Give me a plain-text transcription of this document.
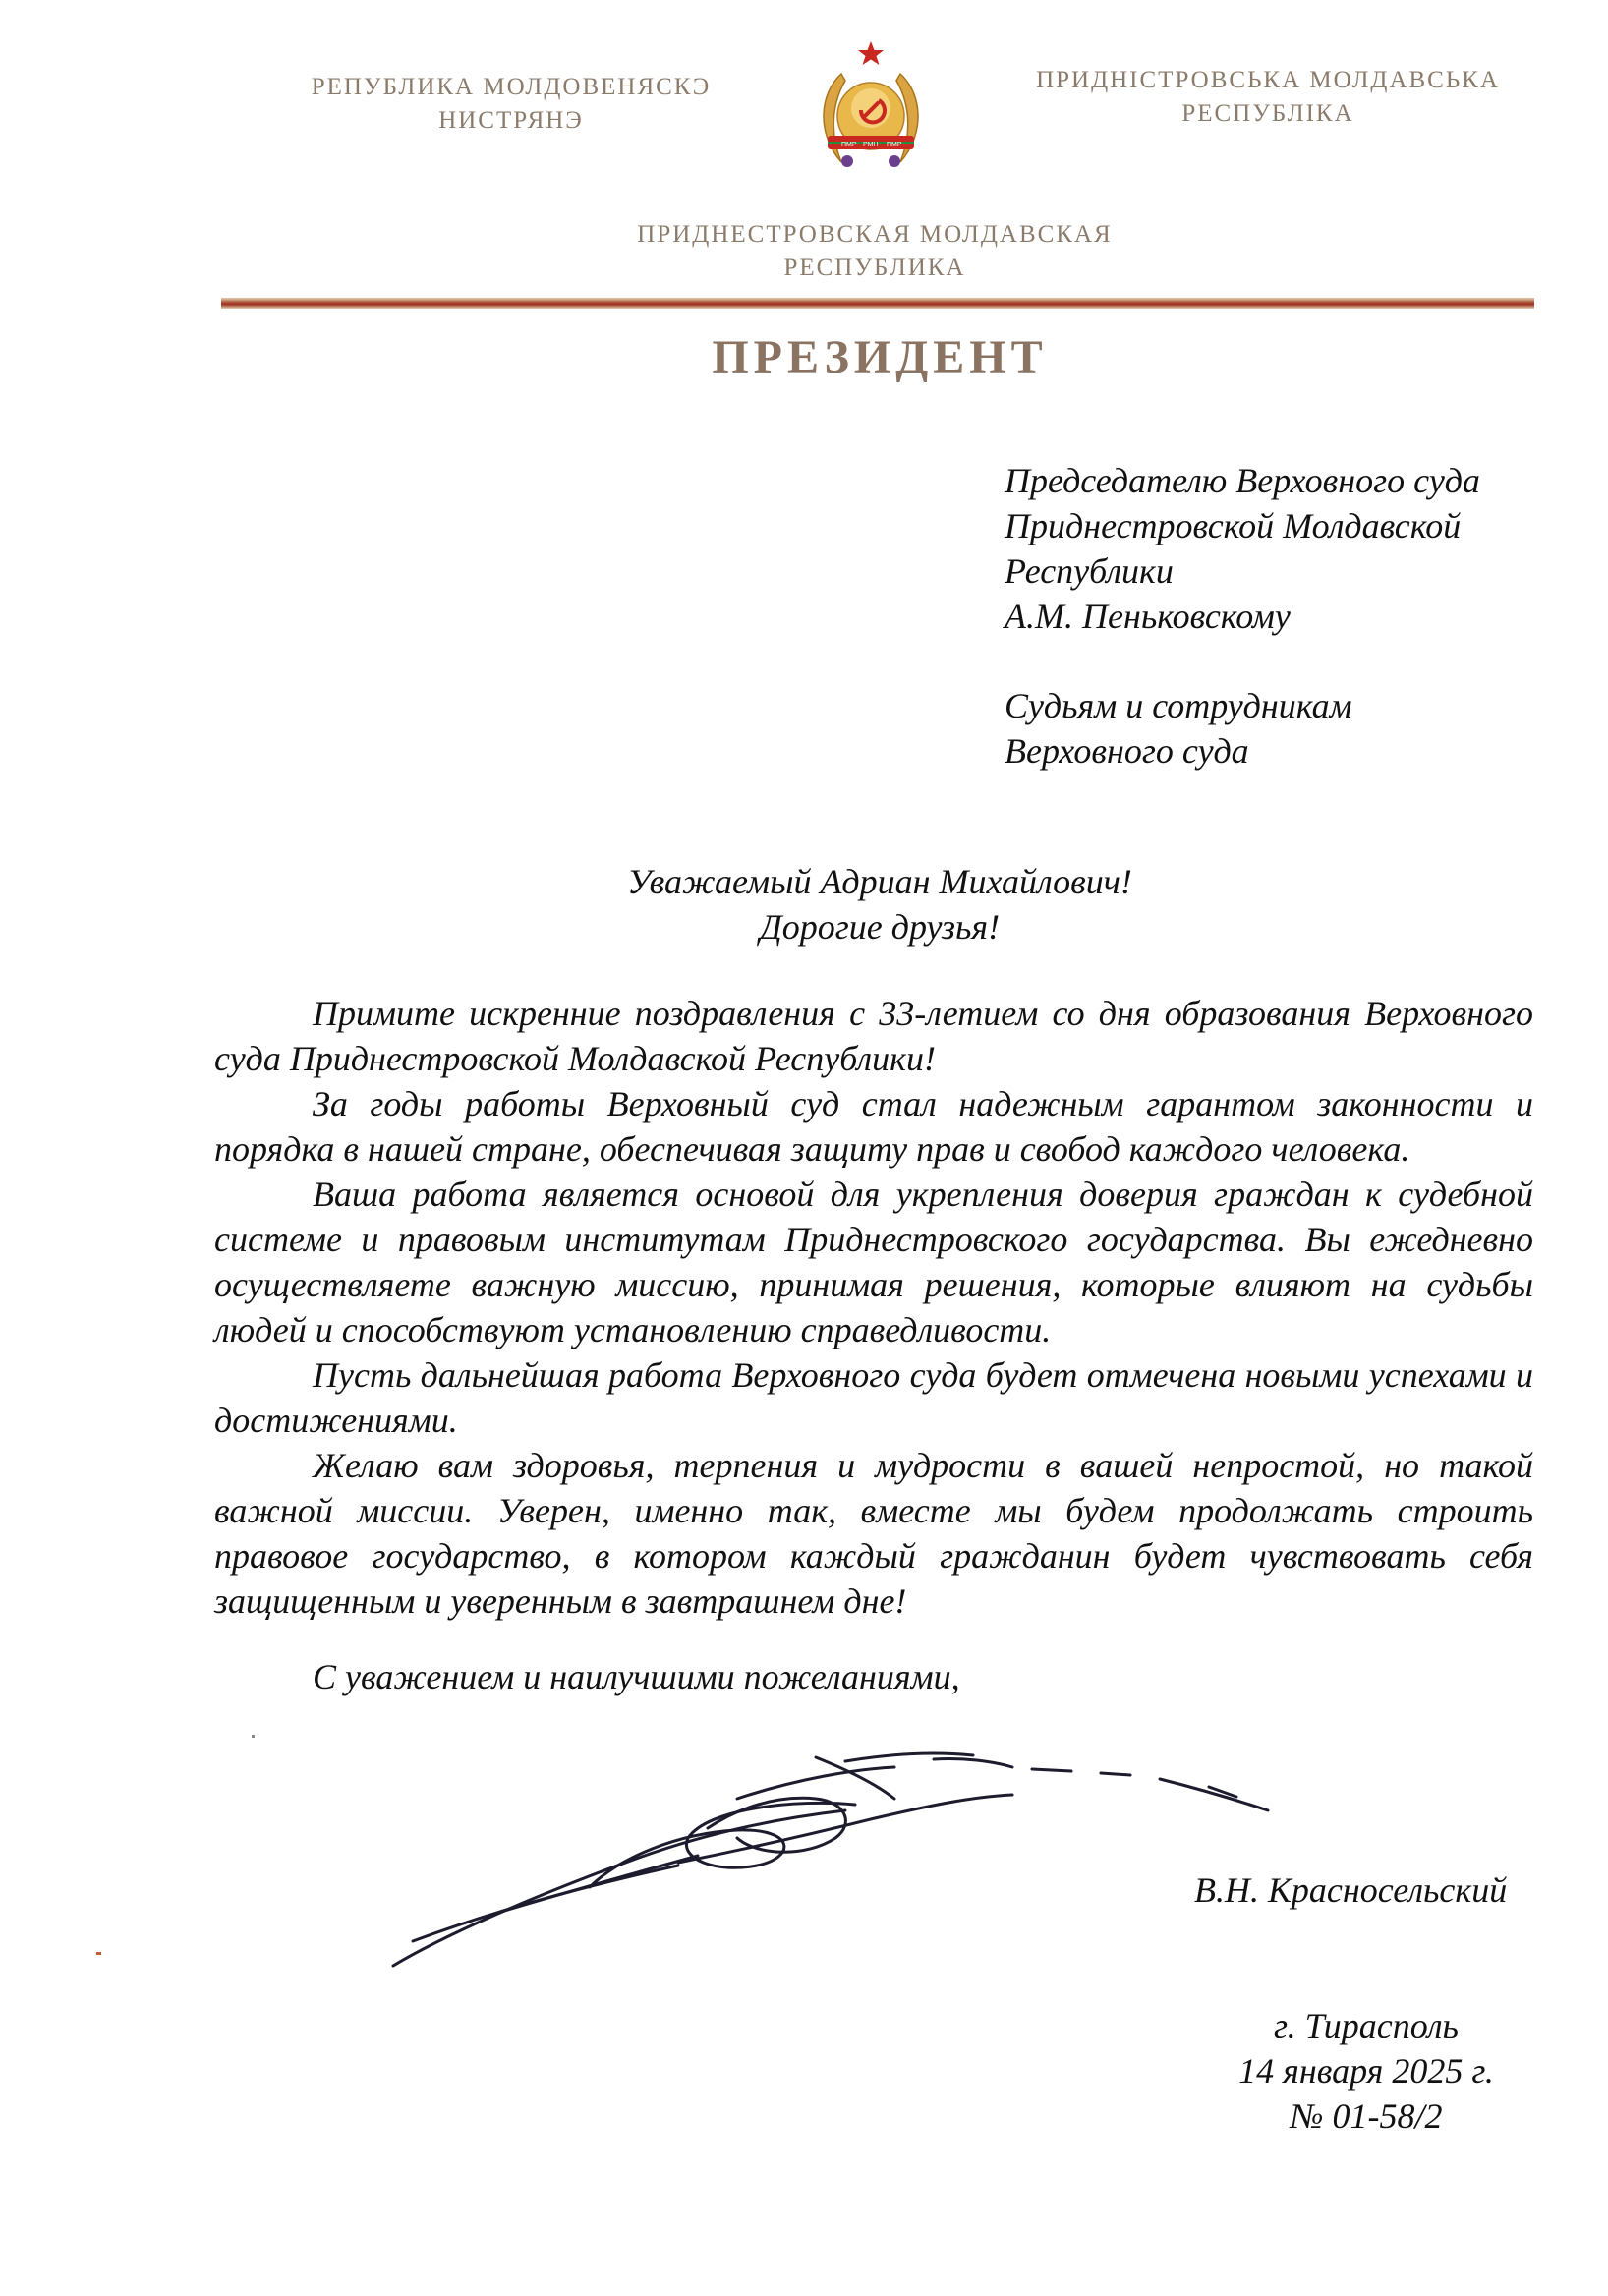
РЕПУБЛИКА МОЛДОВЕНЯСКЭ
НИСТРЯНЭ
ПРИДНІСТРОВСЬКА МОЛДАВСЬКА
РЕСПУБЛІКА
ПМР РМН ПМР
ПРИДНЕСТРОВСКАЯ МОЛДАВСКАЯ
РЕСПУБЛИКА
ПРЕЗИДЕНТ
Председателю Верховного суда
Приднестровской Молдавской
Республики
А.М. Пеньковскому
Судьям и сотрудникам
Верховного суда
Уважаемый Адриан Михайлович!
Дорогие друзья!

Примите искренние поздравления с 33-летием со дня образования Верховного суда Приднестровской Молдавской Республики!

За годы работы Верховный суд стал надежным гарантом законности и порядка в нашей стране, обеспечивая защиту прав и свобод каждого человека.

Ваша работа является основой для укрепления доверия граждан к судебной системе и правовым институтам Приднестровского государства. Вы ежедневно осуществляете важную миссию, принимая решения, которые влияют на судьбы людей и способствуют установлению справедливости.

Пусть дальнейшая работа Верховного суда будет отмечена новыми успехами и достижениями.

Желаю вам здоровья, терпения и мудрости в вашей непростой, но такой важной миссии. Уверен, именно так, вместе мы будем продолжать строить правовое государство, в котором каждый гражданин будет чувствовать себя защищенным и уверенным в завтрашнем дне!

С уважением и наилучшими пожеланиями,
В.Н. Красносельский
г. Тирасполь
14 января 2025 г.
№ 01-58/2
